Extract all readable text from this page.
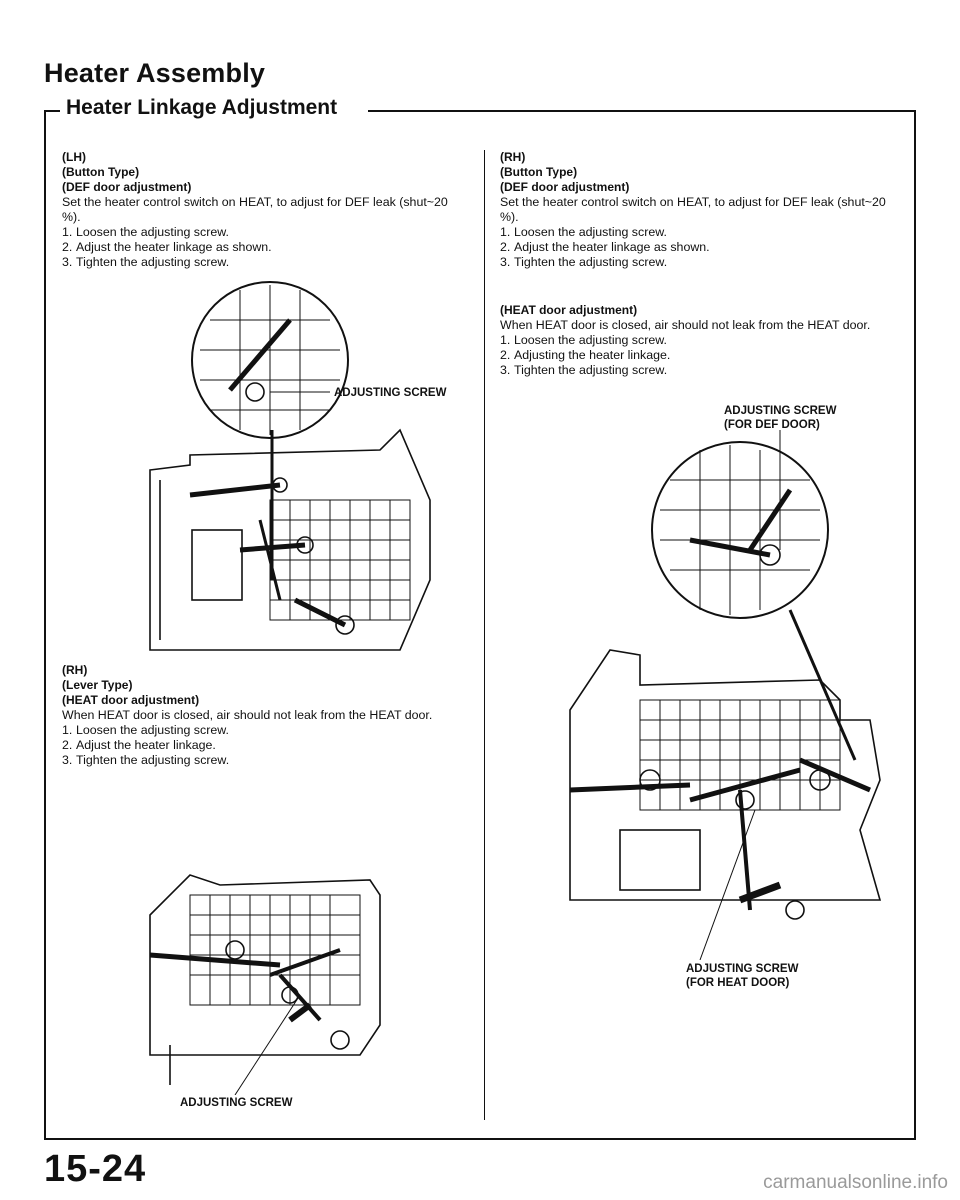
Heater Assembly
Heater Linkage Adjustment
(LH)
(Button Type)
(DEF door adjustment)
Set the heater control switch on HEAT, to adjust for DEF leak (shut~20 %).
1. Loosen the adjusting screw.
2. Adjust the heater linkage as shown.
3. Tighten the adjusting screw.
ADJUSTING SCREW
(RH)
(Lever Type)
(HEAT door adjustment)
When HEAT door is closed, air should not leak from the HEAT door.
1. Loosen the adjusting screw.
2. Adjust the heater linkage.
3. Tighten the adjusting screw.
ADJUSTING SCREW
(RH)
(Button Type)
(DEF door adjustment)
Set the heater control switch on HEAT, to adjust for DEF leak (shut~20 %).
1. Loosen the adjusting screw.
2. Adjust the heater linkage as shown.
3. Tighten the adjusting screw.
(HEAT door adjustment)
When HEAT door is closed, air should not leak from the HEAT door.
1. Loosen the adjusting screw.
2. Adjusting the heater linkage.
3. Tighten the adjusting screw.
ADJUSTING SCREW
(FOR DEF DOOR)
ADJUSTING SCREW
(FOR HEAT DOOR)
15-24	carmanualsonline.info
